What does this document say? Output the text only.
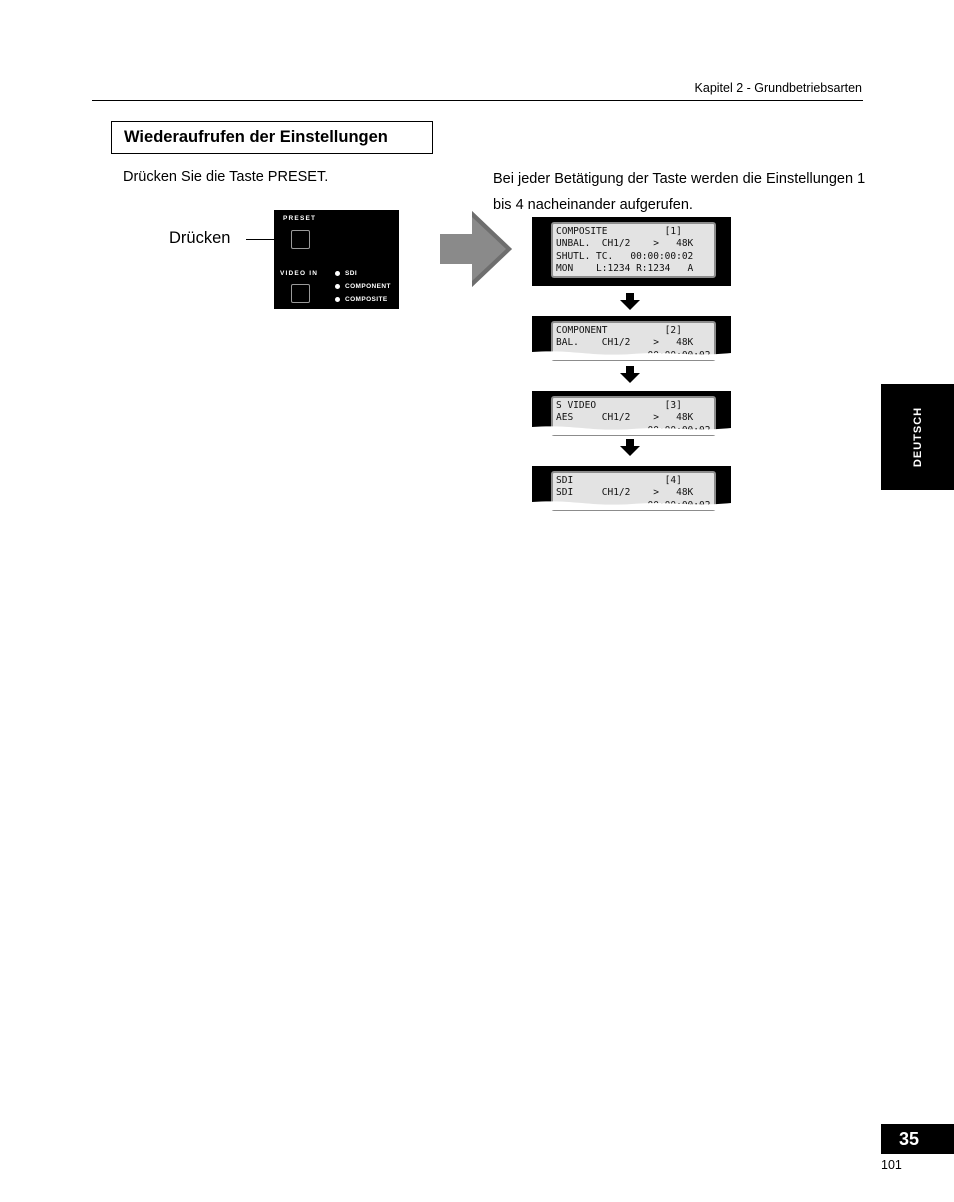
Kapitel 2 - Grundbetriebsarten
Wiederaufrufen der Einstellungen
Drücken Sie die Taste PRESET.	Bei jeder Betätigung der Taste werden die Einstellungen 1 bis 4 nacheinander aufgerufen.
Drücken
PRESET
VIDEO IN	SDI
COMPONENT
COMPOSITE
COMPOSITE          [1]
UNBAL.  CH1/2    >   48K
SHUTL. TC.   00:00:00:02
MON    L:1234 R:1234   A
COMPONENT          [2]
BAL.    CH1/2    >   48K
S VIDEO            [3]
AES     CH1/2    >   48K
SDI                [4]
SDI     CH1/2    >   48K
DEUTSCH
35
101
